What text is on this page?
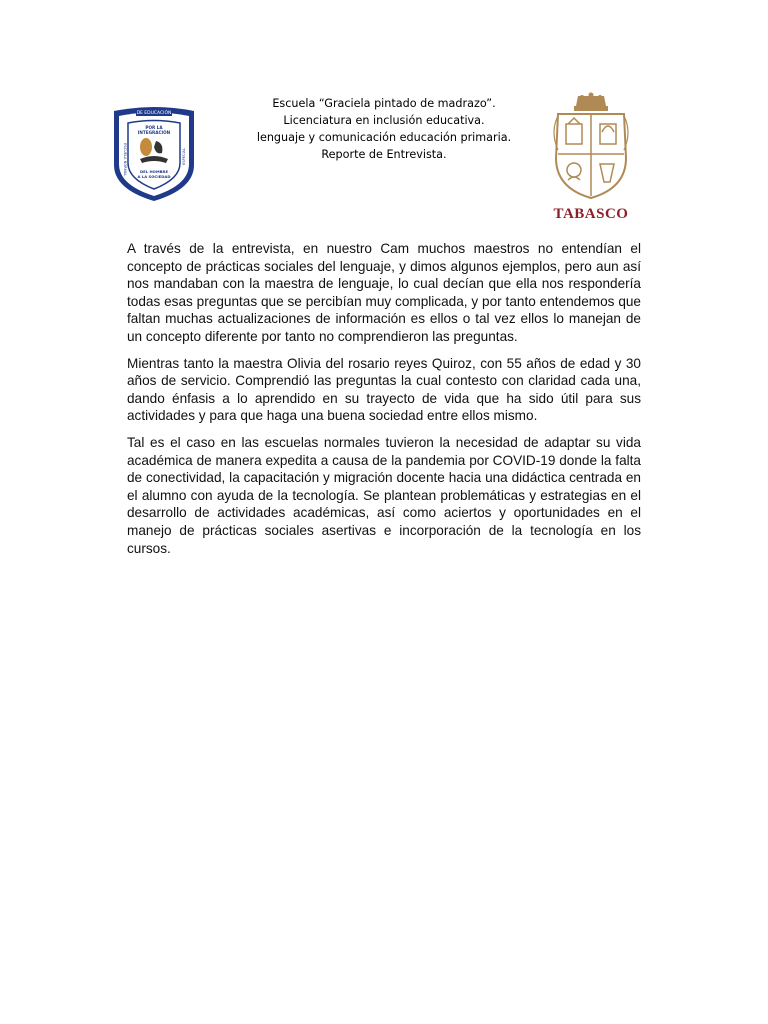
DE EDUCACIÓN
POR LA
INTEGRACIÓN
DEL HOMBRE
A LA SOCIEDAD
ESCUELA NORMAL	ESPECIAL
Escuela “Graciela pintado de madrazo”.
Licenciatura en inclusión educativa.
lenguaje y comunicación educación primaria.
Reporte de Entrevista.
TABASCO

A través de la entrevista, en nuestro Cam muchos maestros no entendían el concepto de prácticas sociales del lenguaje, y dimos algunos ejemplos, pero aun así nos mandaban con la maestra de lenguaje, lo cual decían que ella nos respondería todas esas preguntas que se percibían muy complicada, y por tanto entendemos que faltan muchas actualizaciones de información es ellos o tal vez ellos lo manejan de un concepto diferente por tanto no comprendieron las preguntas.

Mientras tanto la maestra Olivia del rosario reyes Quiroz, con 55 años de edad y 30 años de servicio. Comprendió las preguntas la cual contesto con claridad cada una, dando énfasis a lo aprendido en su trayecto de vida que ha sido útil para sus actividades y para que haga una buena sociedad entre ellos mismo.

Tal es el caso en las escuelas normales tuvieron la necesidad de adaptar su vida académica de manera expedita a causa de la pandemia por COVID-19 donde la falta de conectividad, la capacitación y migración docente hacia una didáctica centrada en el alumno con ayuda de la tecnología. Se plantean problemáticas y estrategias en el desarrollo de actividades académicas, así como aciertos y oportunidades en el manejo de prácticas sociales asertivas e incorporación de la tecnología en los cursos.
